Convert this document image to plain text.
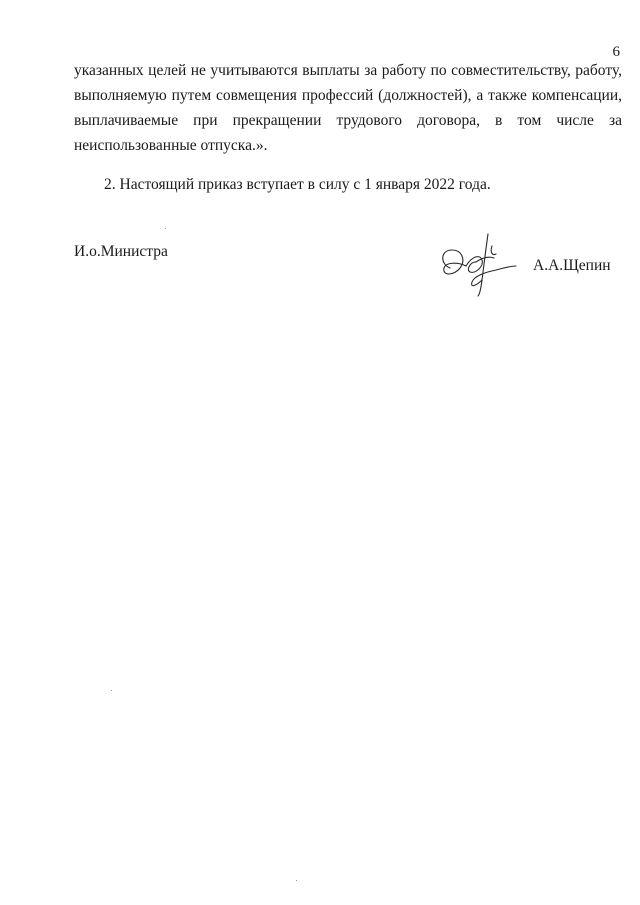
6

указанных целей не учитываются выплаты за работу по совместительству, работу, выполняемую путем совмещения профессий (должностей), а также компенсации, выплачиваемые при прекращении трудового договора, в том числе за
неиспользованные отпуска.».

2. Настоящий приказ вступает в силу с 1 января 2022 года.

И.о.Министра
А.А.Щепин
